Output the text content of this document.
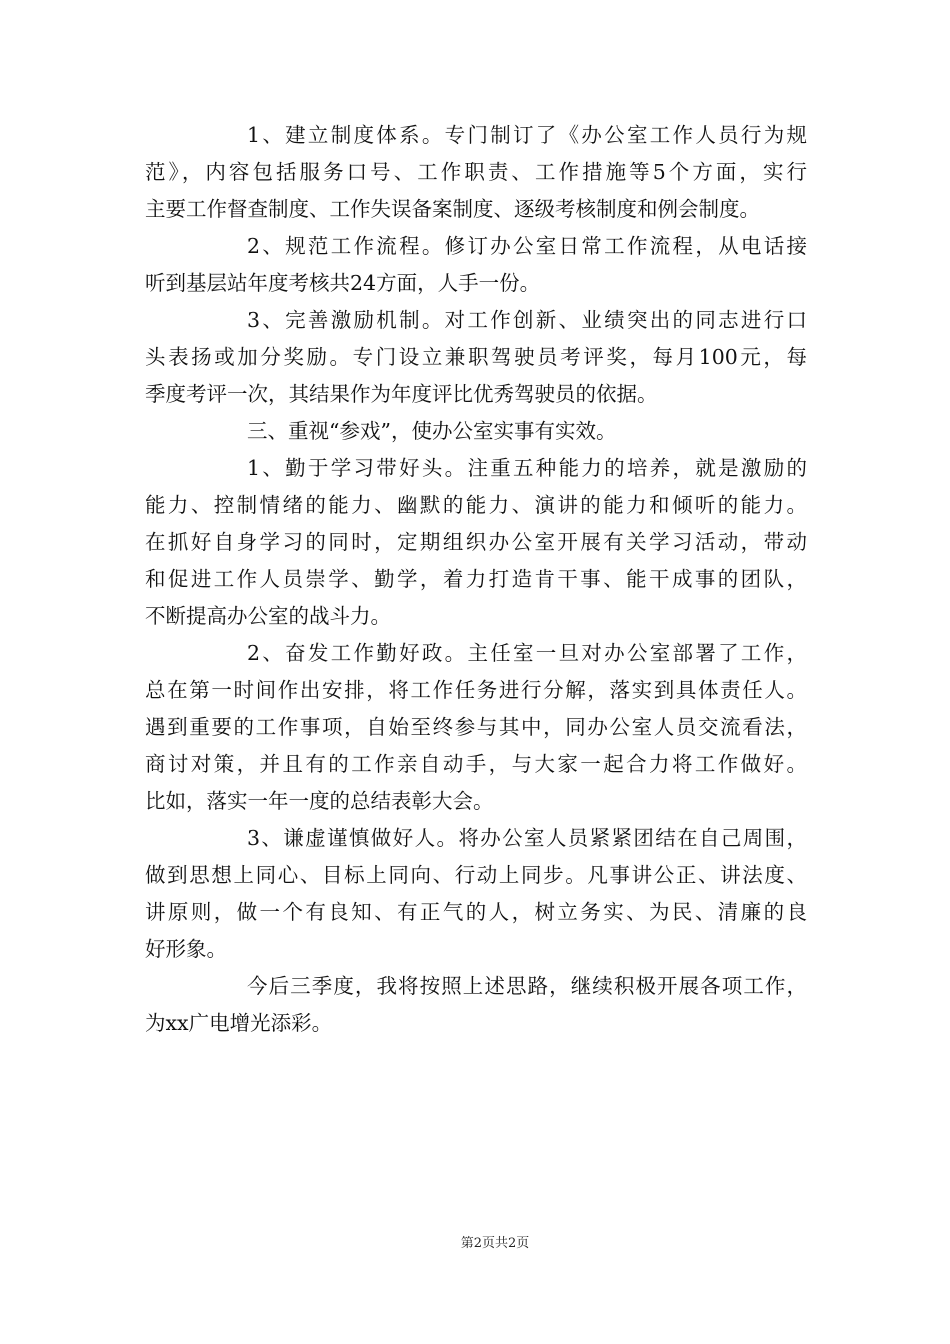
1、建立制度体系。专门制订了《办公室工作人员行为规
范》，内容包括服务口号、工作职责、工作措施等5个方面，实行
主要工作督查制度、工作失误备案制度、逐级考核制度和例会制度。
2、规范工作流程。修订办公室日常工作流程，从电话接
听到基层站年度考核共24方面，人手一份。
3、完善激励机制。对工作创新、业绩突出的同志进行口
头表扬或加分奖励。专门设立兼职驾驶员考评奖，每月100元，每
季度考评一次，其结果作为年度评比优秀驾驶员的依据。
三、重视“参戏”，使办公室实事有实效。
1、勤于学习带好头。注重五种能力的培养，就是激励的
能力、控制情绪的能力、幽默的能力、演讲的能力和倾听的能力。
在抓好自身学习的同时，定期组织办公室开展有关学习活动，带动
和促进工作人员崇学、勤学，着力打造肯干事、能干成事的团队，
不断提高办公室的战斗力。
2、奋发工作勤好政。主任室一旦对办公室部署了工作，
总在第一时间作出安排，将工作任务进行分解，落实到具体责任人。
遇到重要的工作事项，自始至终参与其中，同办公室人员交流看法，
商讨对策，并且有的工作亲自动手，与大家一起合力将工作做好。
比如，落实一年一度的总结表彰大会。
3、谦虚谨慎做好人。将办公室人员紧紧团结在自己周围，
做到思想上同心、目标上同向、行动上同步。凡事讲公正、讲法度、
讲原则，做一个有良知、有正气的人，树立务实、为民、清廉的良
好形象。
今后三季度，我将按照上述思路，继续积极开展各项工作，
为xx广电增光添彩。
第2页共2页
